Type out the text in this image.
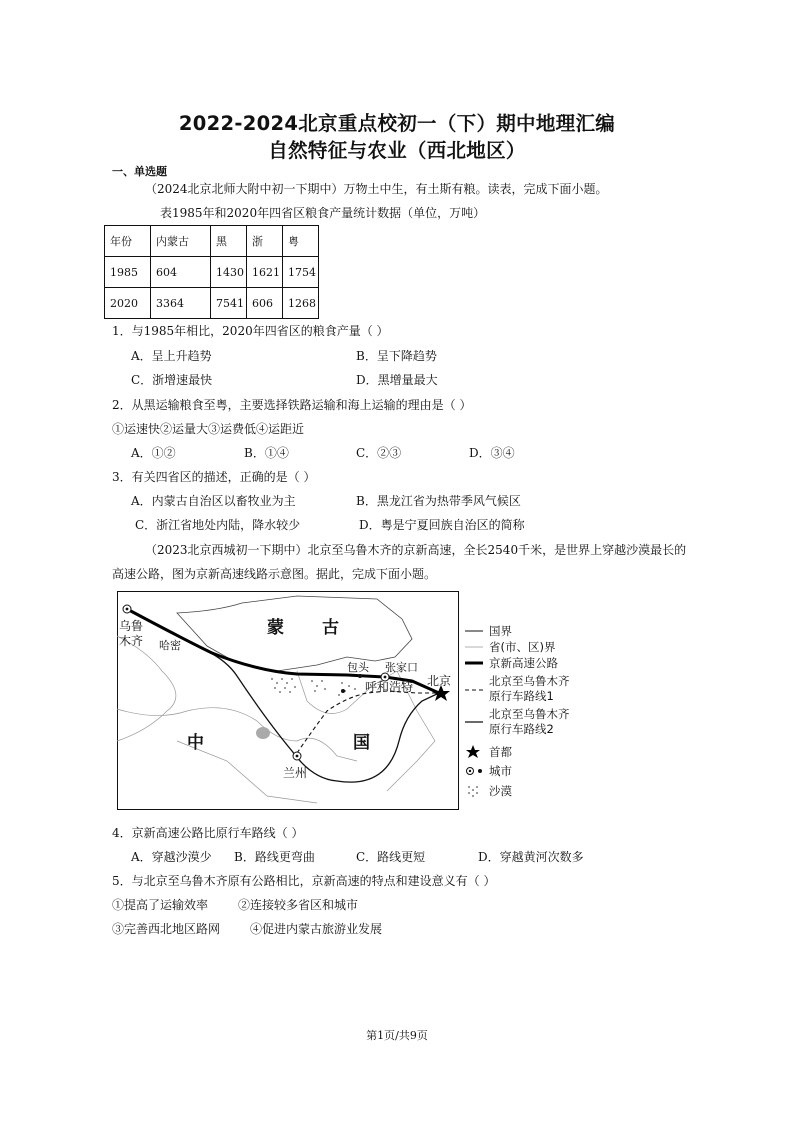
2022-2024北京重点校初一（下）期中地理汇编
自然特征与农业（西北地区）
一、单选题
（2024北京北师大附中初一下期中）万物土中生，有土斯有粮。读表，完成下面小题。
表1985年和2020年四省区粮食产量统计数据（单位，万吨）
年份	内蒙古	黑	浙	粤
1985	604	1430	1621	1754
2020	3364	7541	606	1268
1．与1985年相比，2020年四省区的粮食产量（ ）
A．呈上升趋势	B．呈下降趋势
C．浙增速最快	D．黑增量最大
2．从黑运输粮食至粤，主要选择铁路运输和海上运输的理由是（ ）
①运速快②运量大③运费低④运距近
A．①②	B．①④	C．②③	D．③④
3．有关四省区的描述，正确的是（ ）
A．内蒙古自治区以畜牧业为主	B．黑龙江省为热带季风气候区
C．浙江省地处内陆，降水较少	D．粤是宁夏回族自治区的简称
（2023北京西城初一下期中）北京至乌鲁木齐的京新高速，全长2540千米，是世界上穿越沙漠最长的
高速公路，图为京新高速线路示意图。据此，完成下面小题。
乌鲁
木齐 哈密
蒙 古
包头 张家口
呼和浩特 北京
中	国
兰州
国界
省(市、区)界
京新高速公路
北京至乌鲁木齐
原行车路线1
北京至乌鲁木齐
原行车路线2
首都
城市
沙漠
4．京新高速公路比原行车路线（ ）
A．穿越沙漠少 B．路线更弯曲	C．路线更短	D．穿越黄河次数多
5．与北京至乌鲁木齐原有公路相比，京新高速的特点和建设意义有（ ）
①提高了运输效率 ②连接较多省区和城市
③完善西北地区路网 ④促进内蒙古旅游业发展
第1页/共9页
